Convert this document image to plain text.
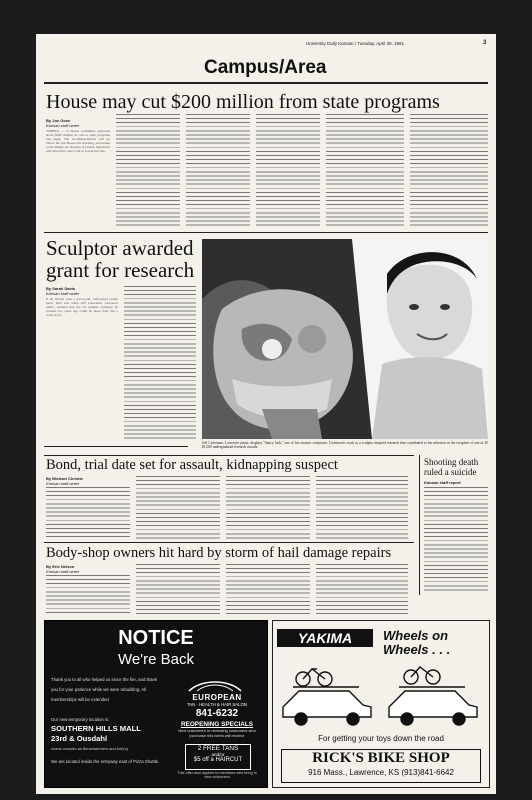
University Daily Kansan / Tuesday, April 30, 1991	3
Campus/Area
House may cut $200 million from state programs
By Joe Gose
Kansan staff writer
TOPEKA — A House committee approved about $200 million in cuts to state programs last night. The recommendations will go before the full House this morning, and unless a last-minute tax increase is passed, legislators will have little choice but to accept the cuts.
Sculptor awarded
grant for research
By Sarah Davis
Kansan staff writer
It all started with a 4-foot-tall, 100-pound purple head. That was when Jeff Listerman, Lawrence junior, realized that the oil weather sculpture he created two years ago could be more than just a work of art.
Jeff Listerman, Lawrence junior, displays "Saucy Jack," one of his ceramic sculptures. Listerman's work as a sculptor inspired research that contributed to his selection as the recipient of one of 20 $1,000 undergraduate research awards.
Bond, trial date set for assault, kidnapping suspect
By Michael Christie
Kansan staff writer
Shooting death
ruled a suicide
Kansan staff report
Body-shop owners hit hard by storm of hail damage repairs
By Eric Nelson
Kansan staff writer
NOTICE
We're Back
Thank you to all who helped us since the fire, and thank you for your patience while we were rebuilding. All memberships will be extended
Our new temporary location is:
SOUTHERN HILLS MALL
23rd & Ousdahl
rooms complex as Benchwarmers and Arby's).
We are located inside the entryway east of Pizza Shuttle.
EUROPEAN
TAN · HEALTH & HAIR SALON
841-6232
REOPENING SPECIALS
New customers or renewing customers who purchase this week will receive
2 FREE TANS
and/or
$5 off a HAIRCUT
This offer also applies to members who bring in new customers
YAKIMA	Wheels on Wheels . . .
For getting your toys down the road
RICK'S BIKE SHOP
916 Mass., Lawrence, KS (913)841-6642
